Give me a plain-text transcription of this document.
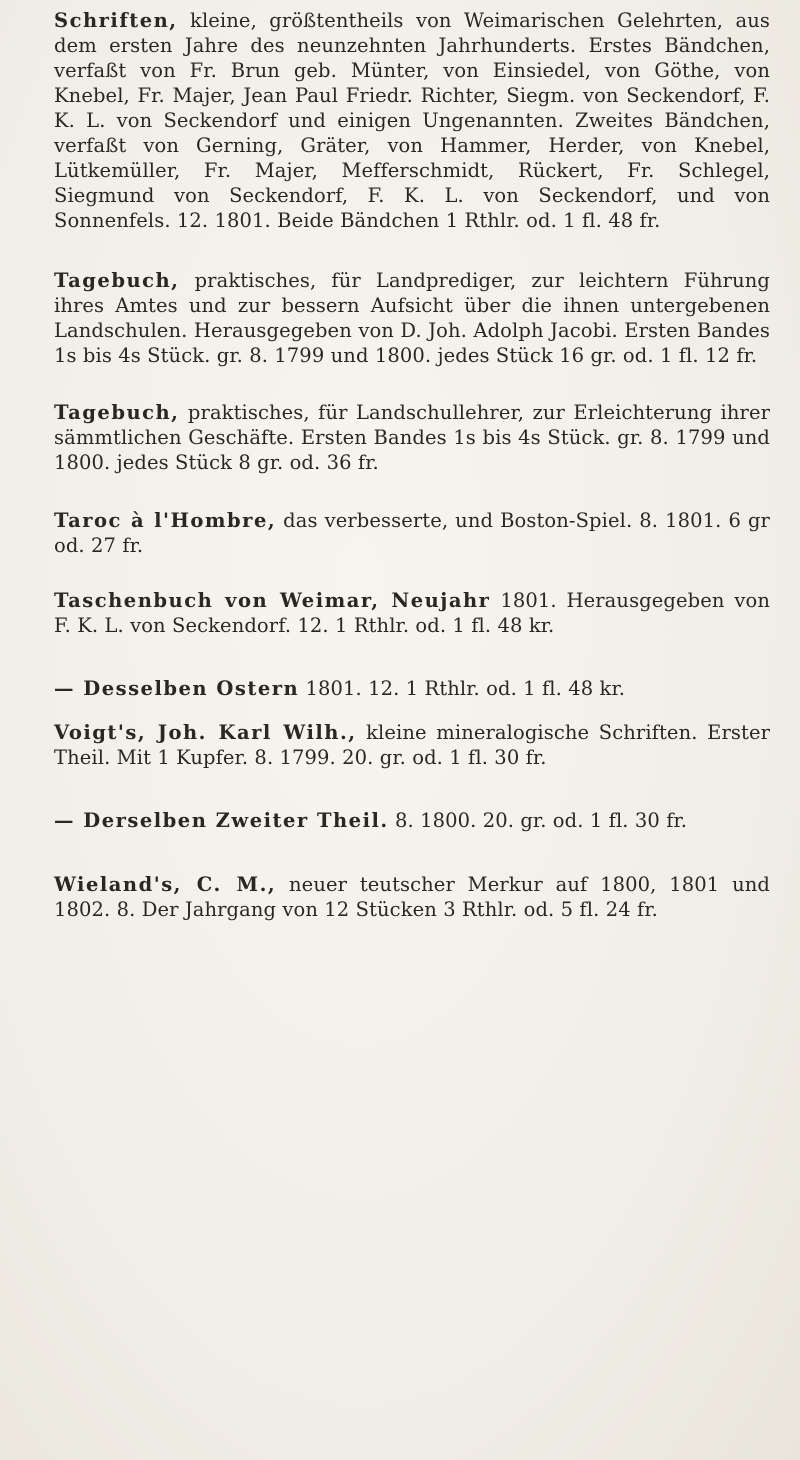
Schriften, kleine, größtentheils von Weimarischen Gelehrten, aus dem ersten Jahre des neunzehnten Jahrhunderts. Erstes Bändchen, verfaßt von Fr. Brun geb. Münter, von Einsiedel, von Göthe, von Knebel, Fr. Majer, Jean Paul Friedr. Richter, Siegm. von Seckendorf, F. K. L. von Seckendorf und einigen Ungenannten. Zweites Bändchen, verfaßt von Gerning, Gräter, von Hammer, Herder, von Knebel, Lütkemüller, Fr. Majer, Mefferschmidt, Rückert, Fr. Schlegel, Siegmund von Seckendorf, F. K. L. von Seckendorf, und von Sonnenfels. 12. 1801. Beide Bändchen 1 Rthlr. od. 1 fl. 48 fr.
Tagebuch, praktisches, für Landprediger, zur leichtern Führung ihres Amtes und zur bessern Aufsicht über die ihnen untergebenen Landschulen. Herausgegeben von D. Joh. Adolph Jacobi. Ersten Bandes 1s bis 4s Stück. gr. 8. 1799 und 1800. jedes Stück 16 gr. od. 1 fl. 12 fr.
Tagebuch, praktisches, für Landschullehrer, zur Erleichterung ihrer sämmtlichen Geschäfte. Ersten Bandes 1s bis 4s Stück. gr. 8. 1799 und 1800. jedes Stück 8 gr. od. 36 fr.
Taroc à l'Hombre, das verbesserte, und Boston-Spiel. 8. 1801. 6 gr od. 27 fr.
Taschenbuch von Weimar, Neujahr 1801. Herausgegeben von F. K. L. von Seckendorf. 12. 1 Rthlr. od. 1 fl. 48 kr.
— Desselben Ostern 1801. 12. 1 Rthlr. od. 1 fl. 48 kr.
Voigt's, Joh. Karl Wilh., kleine mineralogische Schriften. Erster Theil. Mit 1 Kupfer. 8. 1799. 20. gr. od. 1 fl. 30 fr.
— Derselben Zweiter Theil. 8. 1800. 20. gr. od. 1 fl. 30 fr.
Wieland's, C. M., neuer teutscher Merkur auf 1800, 1801 und 1802. 8. Der Jahrgang von 12 Stücken 3 Rthlr. od. 5 fl. 24 fr.
